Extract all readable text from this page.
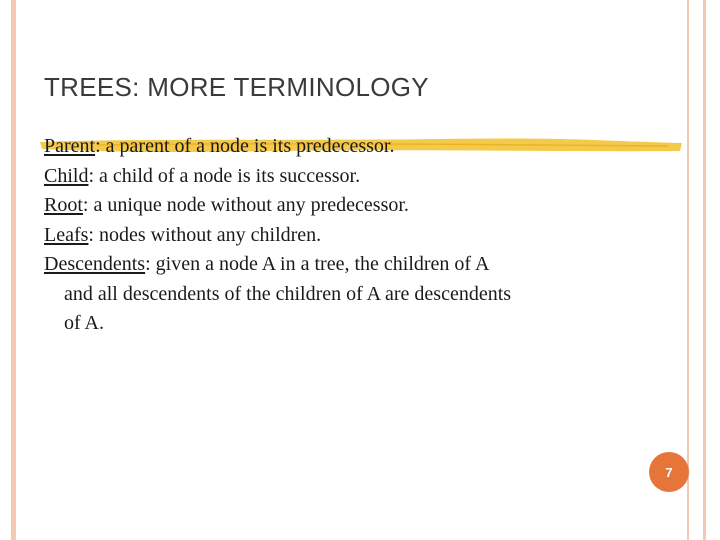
TREES: MORE TERMINOLOGY

Parent: a parent of a node is its predecessor.

Child: a child of a node is its successor.

Root: a unique node without any predecessor.

Leafs: nodes without any children.

Descendents: given a node A in a tree, the children of A

and all descendents of the children of A are descendents

of A.

7
